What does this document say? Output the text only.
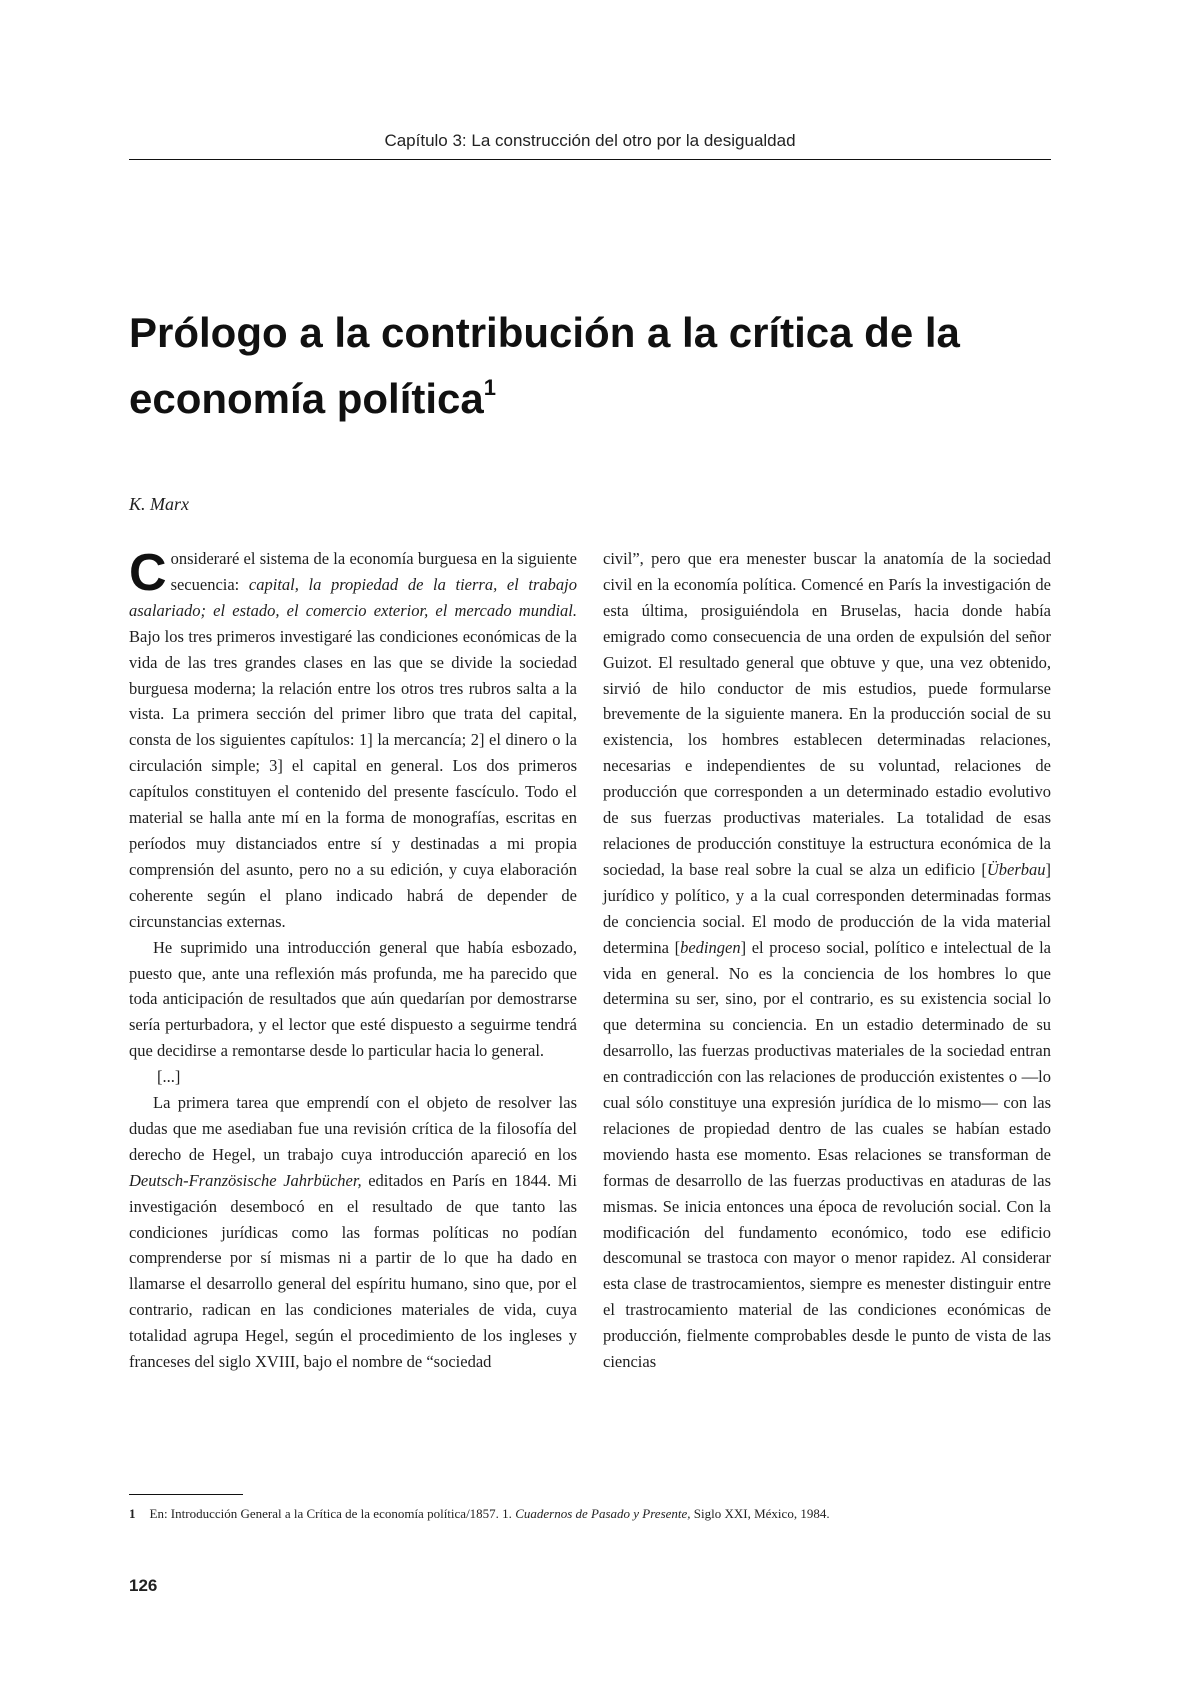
Capítulo 3: La construcción del otro por la desigualdad
Prólogo a la contribución a la crítica de la economía política$^1$
K. Marx

Consideraré el sistema de la economía burguesa en la siguiente secuencia: capital, la propiedad de la tierra, el trabajo asalariado; el estado, el comercio exterior, el mercado mundial. Bajo los tres primeros investigaré las condiciones económicas de la vida de las tres grandes clases en las que se divide la sociedad burguesa moderna; la relación entre los otros tres rubros salta a la vista. La primera sección del primer libro que trata del capital, consta de los siguientes capítulos: 1] la mercancía; 2] el dinero o la circulación simple; 3] el capital en general. Los dos primeros capítulos constituyen el contenido del presente fascículo. Todo el material se halla ante mí en la forma de monografías, escritas en períodos muy distanciados entre sí y destinadas a mi propia comprensión del asunto, pero no a su edición, y cuya elaboración coherente según el plano indicado habrá de depender de circunstancias externas.

He suprimido una introducción general que había esbozado, puesto que, ante una reflexión más profunda, me ha parecido que toda anticipación de resultados que aún quedarían por demostrarse sería perturbadora, y el lector que esté dispuesto a seguirme tendrá que decidirse a remontarse desde lo particular hacia lo general.

[...]

La primera tarea que emprendí con el objeto de resolver las dudas que me asediaban fue una revisión crítica de la filosofía del derecho de Hegel, un trabajo cuya introducción apareció en los Deutsch-Französische Jahrbücher, editados en París en 1844. Mi investigación desembocó en el resultado de que tanto las condiciones jurídicas como las formas políticas no podían comprenderse por sí mismas ni a partir de lo que ha dado en llamarse el desarrollo general del espíritu humano, sino que, por el contrario, radican en las condiciones materiales de vida, cuya totalidad agrupa Hegel, según el procedimiento de los ingleses y franceses del siglo XVIII, bajo el nombre de “sociedad

civil”, pero que era menester buscar la anatomía de la sociedad civil en la economía política. Comencé en París la investigación de esta última, prosiguiéndola en Bruselas, hacia donde había emigrado como consecuencia de una orden de expulsión del señor Guizot. El resultado general que obtuve y que, una vez obtenido, sirvió de hilo conductor de mis estudios, puede formularse brevemente de la siguiente manera. En la producción social de su existencia, los hombres establecen determinadas relaciones, necesarias e independientes de su voluntad, relaciones de producción que corresponden a un determinado estadio evolutivo de sus fuerzas productivas materiales. La totalidad de esas relaciones de producción constituye la estructura económica de la sociedad, la base real sobre la cual se alza un edificio [Überbau] jurídico y político, y a la cual corresponden determinadas formas de conciencia social. El modo de producción de la vida material determina [bedingen] el proceso social, político e intelectual de la vida en general. No es la conciencia de los hombres lo que determina su ser, sino, por el contrario, es su existencia social lo que determina su conciencia. En un estadio determinado de su desarrollo, las fuerzas productivas materiales de la sociedad entran en contradicción con las relaciones de producción existentes o —lo cual sólo constituye una expresión jurídica de lo mismo— con las relaciones de propiedad dentro de las cuales se habían estado moviendo hasta ese momento. Esas relaciones se transforman de formas de desarrollo de las fuerzas productivas en ataduras de las mismas. Se inicia entonces una época de revolución social. Con la modificación del fundamento económico, todo ese edificio descomunal se trastoca con mayor o menor rapidez. Al considerar esta clase de trastrocamientos, siempre es menester distinguir entre el trastrocamiento material de las condiciones económicas de producción, fielmente comprobables desde le punto de vista de las ciencias

1 En: Introducción General a la Crítica de la economía política/1857. 1. Cuadernos de Pasado y Presente, Siglo XXI, México, 1984.
126
